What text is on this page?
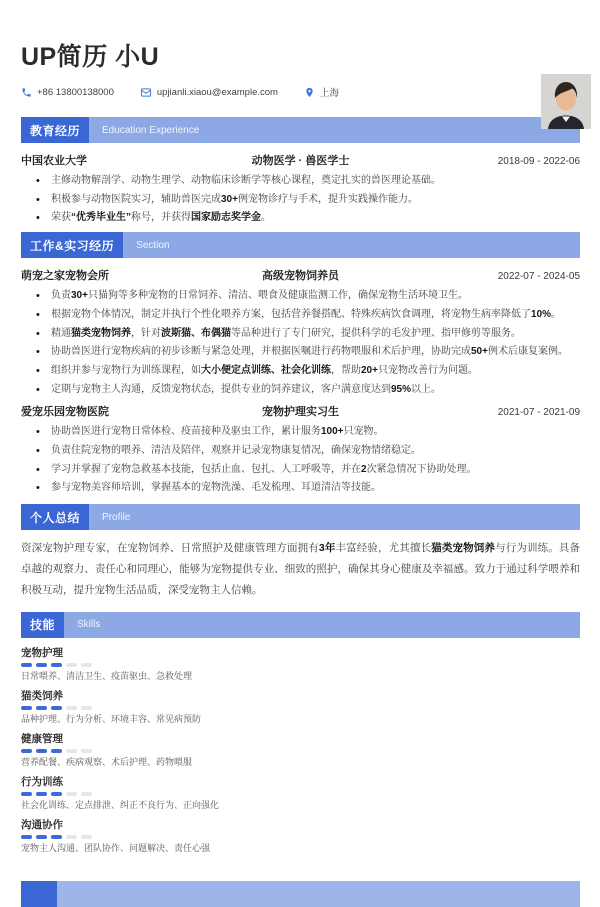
UP简历 小U
+86 13800138000	upjianli.xiaou@example.com	上海
教育经历	Education Experience
中国农业大学	动物医学 · 兽医学士	2018-09 - 2022-06
• 主修动物解剖学、动物生理学、动物临床诊断学等核心课程，奠定扎实的兽医理论基础。
• 积极参与动物医院实习，辅助兽医完成30+例宠物诊疗与手术，提升实践操作能力。
• 荣获“优秀毕业生”称号，并获得国家励志奖学金。
工作&实习经历	Section
萌宠之家宠物会所	高级宠物饲养员	2022-07 - 2024-05
• 负责30+只猫狗等多种宠物的日常饲养、清洁、喂食及健康监测工作，确保宠物生活环境卫生。
• 根据宠物个体情况，制定并执行个性化喂养方案，包括营养餐搭配、特殊疾病饮食调理，将宠物生病率降低了10%。
• 精通猫类宠物饲养，针对波斯猫、布偶猫等品种进行了专门研究，提供科学的毛发护理、指甲修剪等服务。
• 协助兽医进行宠物疾病的初步诊断与紧急处理，并根据医嘱进行药物喂服和术后护理，协助完成50+例术后康复案例。
• 组织并参与宠物行为训练课程，如大小便定点训练、社会化训练，帮助20+只宠物改善行为问题。
• 定期与宠物主人沟通，反馈宠物状态，提供专业的饲养建议，客户满意度达到95%以上。
爱宠乐园宠物医院	宠物护理实习生	2021-07 - 2021-09
• 协助兽医进行宠物日常体检、疫苗接种及驱虫工作，累计服务100+只宠物。
• 负责住院宠物的喂养、清洁及陪伴，观察并记录宠物康复情况，确保宠物情绪稳定。
• 学习并掌握了宠物急救基本技能，包括止血、包扎、人工呼吸等，并在2次紧急情况下协助处理。
• 参与宠物美容师培训，掌握基本的宠物洗澡、毛发梳理、耳道清洁等技能。
个人总结	Profile

资深宠物护理专家，在宠物饲养、日常照护及健康管理方面拥有3年丰富经验，尤其擅长猫类宠物饲养与行为训练。具备卓越的观察力、责任心和同理心，能够为宠物提供专业、细致的照护，确保其身心健康及幸福感。致力于通过科学喂养和积极互动，提升宠物生活品质，深受宠物主人信赖。

技能	Skills
宠物护理
日常喂养、清洁卫生、疫苗驱虫、急救处理
猫类饲养
品种护理、行为分析、环境丰容、常见病预防
健康管理
营养配餐、疾病观察、术后护理、药物喂服
行为训练
社会化训练、定点排泄、纠正不良行为、正向强化
沟通协作
宠物主人沟通、团队协作、问题解决、责任心强
